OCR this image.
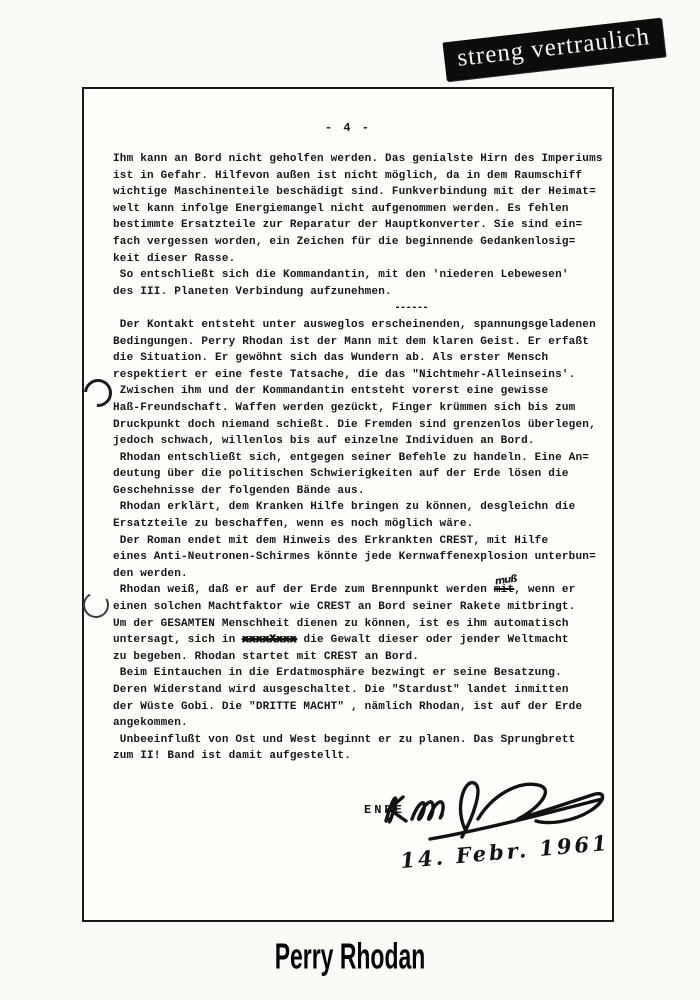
streng vertraulich
- 4 -
Ihm kann an Bord nicht geholfen werden. Das genialste Hirn des Imperiums
ist in Gefahr. Hilfevon außen ist nicht möglich, da in dem Raumschiff
wichtige Maschinenteile beschädigt sind. Funkverbindung mit der Heimat=
welt kann infolge Energiemangel nicht aufgenommen werden. Es fehlen
bestimmte Ersatzteile zur Reparatur der Hauptkonverter. Sie sind ein=
fach vergessen worden, ein Zeichen für die beginnende Gedankenlosig=
keit dieser Rasse.
So entschließt sich die Kommandantin, mit den 'niederen Lebewesen'
des III. Planeten Verbindung aufzunehmen.
------
Der Kontakt entsteht unter ausweglos erscheinenden, spannungsgeladenen
Bedingungen. Perry Rhodan ist der Mann mit dem klaren Geist. Er erfaßt
die Situation. Er gewöhnt sich das Wundern ab. Als erster Mensch
respektiert er eine feste Tatsache, die das "Nichtmehr-Alleinseins'.
Zwischen ihm und der Kommandantin entsteht vorerst eine gewisse
Haß-Freundschaft. Waffen werden gezückt, Finger krümmen sich bis zum
Druckpunkt doch niemand schießt. Die Fremden sind grenzenlos überlegen,
jedoch schwach, willenlos bis auf einzelne Individuen an Bord.
Rhodan entschließt sich, entgegen seiner Befehle zu handeln. Eine An=
deutung über die politischen Schwierigkeiten auf der Erde lösen die
Geschehnisse der folgenden Bände aus.
Rhodan erklärt, dem Kranken Hilfe bringen zu können, desgleichn die
Ersatzteile zu beschaffen, wenn es noch möglich wäre.
Der Roman endet mit dem Hinweis des Erkrankten CREST, mit Hilfe
eines Anti-Neutronen-Schirmes könnte jede Kernwaffenexplosion unterbun=
den werden.
Rhodan weiß, daß er auf der Erde zum Brennpunkt werden mit muß, wenn er
einen solchen Machtfaktor wie CREST an Bord seiner Rakete mitbringt.
Um der GESAMTEN Menschheit dienen zu können, ist es ihm automatisch
untersagt, sich in xxxxXxxx die Gewalt dieser oder jender Weltmacht
zu begeben. Rhodan startet mit CREST an Bord.
Beim Eintauchen in die Erdatmosphäre bezwingt er seine Besatzung.
Deren Widerstand wird ausgeschaltet. Die "Stardust" landet inmitten
der Wüste Gobi. Die "DRITTE MACHT" , nämlich Rhodan, ist auf der Erde
angekommen.
Unbeeinflußt von Ost und West beginnt er zu planen. Das Sprungbrett
zum II! Band ist damit aufgestellt.
ENDE
14. Febr. 1961
Perry Rhodan
